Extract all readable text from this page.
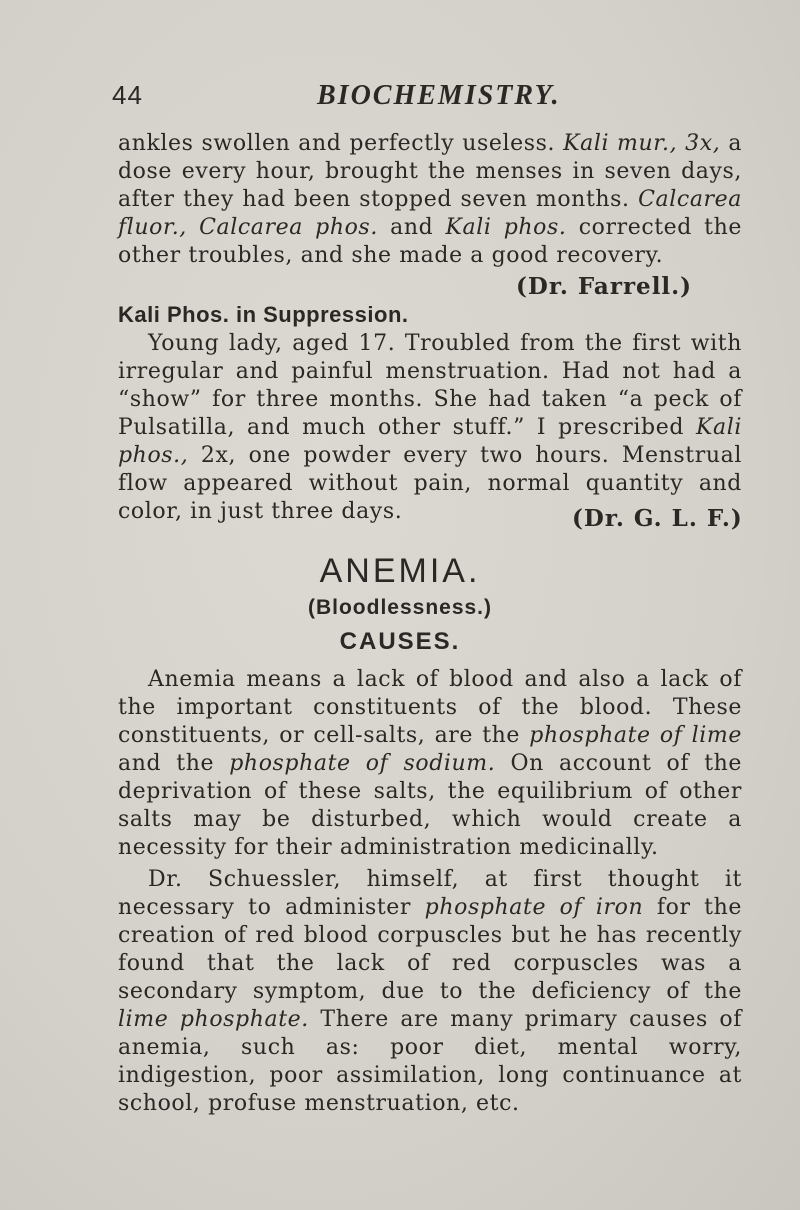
44	BIOCHEMISTRY.
ankles swollen and perfectly useless. Kali mur., 3x, a dose every hour, brought the menses in seven days, after they had been stopped seven months. Calcarea fluor., Calcarea phos. and Kali phos. corrected the other troubles, and she made a good recovery.
(Dr. Farrell.)
Kali Phos. in Suppression.
Young lady, aged 17. Troubled from the first with irregular and painful menstruation. Had not had a “show” for three months. She had taken “a peck of Pulsatilla, and much other stuff.” I prescribed Kali phos., 2x, one powder every two hours. Menstrual flow appeared without pain, normal quantity and color, in just three days.	(Dr. G. L. F.)
ANEMIA.
(Bloodlessness.)
CAUSES.
Anemia means a lack of blood and also a lack of the important constituents of the blood. These constituents, or cell-salts, are the phosphate of lime and the phosphate of sodium. On account of the deprivation of these salts, the equilibrium of other salts may be disturbed, which would create a necessity for their administration medicinally.
Dr. Schuessler, himself, at first thought it necessary to administer phosphate of iron for the creation of red blood corpuscles but he has recently found that the lack of red corpuscles was a secondary symptom, due to the deficiency of the lime phosphate. There are many primary causes of anemia, such as: poor diet, mental worry, indigestion, poor assimilation, long continuance at school, profuse menstruation, etc.
